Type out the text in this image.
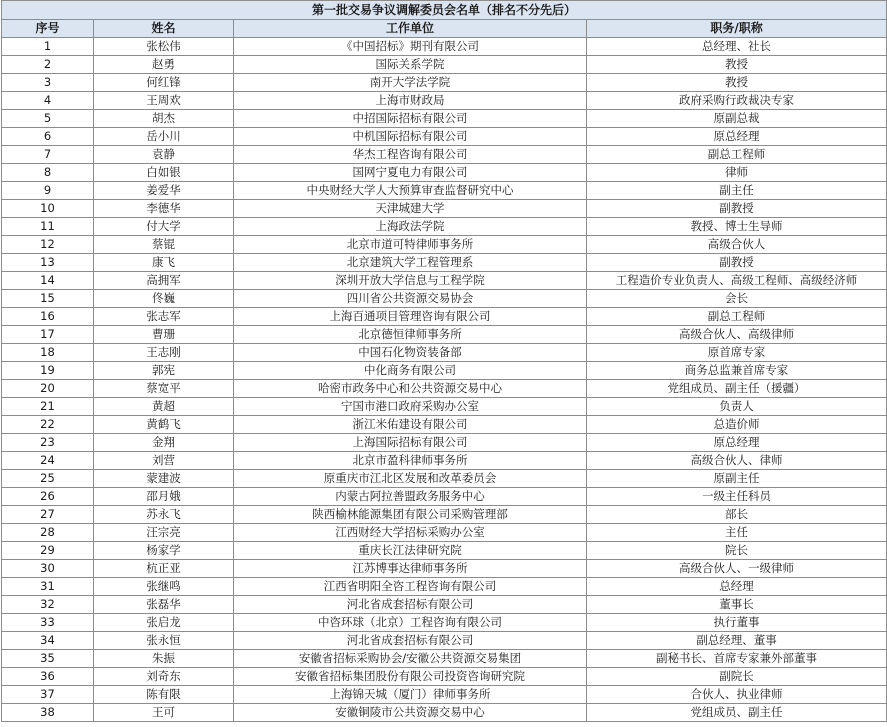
第一批交易争议调解委员会名单（排名不分先后）			
序号	姓名	工作单位	职务/职称
1	张松伟	《中国招标》期刊有限公司	总经理、社长
2	赵勇	国际关系学院	教授
3	何红锋	南开大学法学院	教授
4	王周欢	上海市财政局	政府采购行政裁决专家
5	胡杰	中招国际招标有限公司	原副总裁
6	岳小川	中机国际招标有限公司	原总经理
7	袁静	华杰工程咨询有限公司	副总工程师
8	白如银	国网宁夏电力有限公司	律师
9	姜爱华	中央财经大学人大预算审查监督研究中心	副主任
10	李德华	天津城建大学	副教授
11	付大学	上海政法学院	教授、博士生导师
12	蔡锟	北京市道可特律师事务所	高级合伙人
13	康飞	北京建筑大学工程管理系	副教授
14	高拥军	深圳开放大学信息与工程学院	工程造价专业负责人、高级工程师、高级经济师
15	佟巍	四川省公共资源交易协会	会长
16	张志军	上海百通项目管理咨询有限公司	副总工程师
17	曹珊	北京德恒律师事务所	高级合伙人、高级律师
18	王志刚	中国石化物资装备部	原首席专家
19	郭宪	中化商务有限公司	商务总监兼首席专家
20	蔡宽平	哈密市政务中心和公共资源交易中心	党组成员、副主任（援疆）
21	黄超	宁国市港口政府采购办公室	负责人
22	黄鹤飞	浙江米佑建设有限公司	总造价师
23	金翔	上海国际招标有限公司	原总经理
24	刘营	北京市盈科律师事务所	高级合伙人、律师
25	蒙建波	原重庆市江北区发展和改革委员会	原副主任
26	邵月娥	内蒙古阿拉善盟政务服务中心	一级主任科员
27	苏永飞	陕西榆林能源集团有限公司采购管理部	部长
28	汪宗亮	江西财经大学招标采购办公室	主任
29	杨家学	重庆长江法律研究院	院长
30	杭正亚	江苏博事达律师事务所	高级合伙人、一级律师
31	张继鸣	江西省明阳全咨工程咨询有限公司	总经理
32	张磊华	河北省成套招标有限公司	董事长
33	张启龙	中咨环球（北京）工程咨询有限公司	执行董事
34	张永恒	河北省成套招标有限公司	副总经理、董事
35	朱振	安徽省招标采购协会/安徽公共资源交易集团	副秘书长、首席专家兼外部董事
36	刘奇东	安徽省招标集团股份有限公司投资咨询研究院	副院长
37	陈有限	上海锦天城（厦门）律师事务所	合伙人、执业律师
38	王可	安徽铜陵市公共资源交易中心	党组成员、副主任
